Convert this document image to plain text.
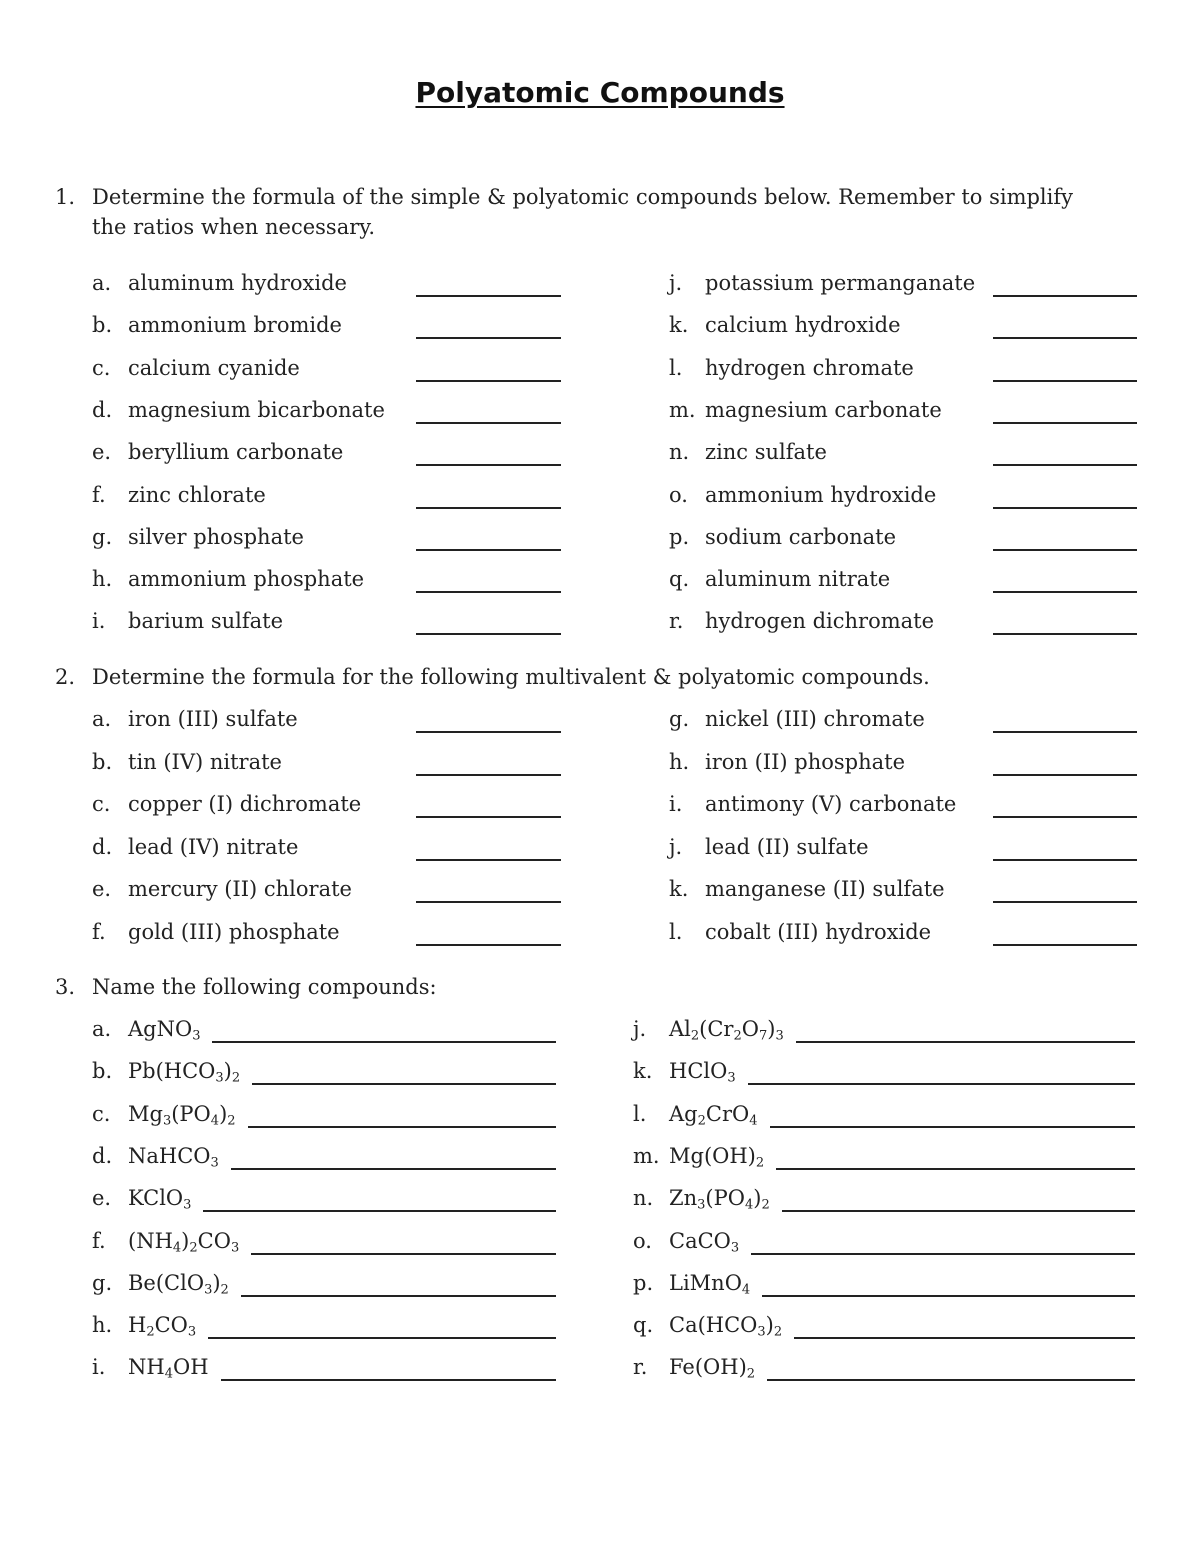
Polyatomic Compounds
1. Determine the formula of the simple & polyatomic compounds below. Remember to simplify the ratios when necessary.
a. aluminum hydroxide
b. ammonium bromide
c. calcium cyanide
d. magnesium bicarbonate
e. beryllium carbonate
f. zinc chlorate
g. silver phosphate
h. ammonium phosphate
i. barium sulfate
j. potassium permanganate
k. calcium hydroxide
l. hydrogen chromate
m. magnesium carbonate
n. zinc sulfate
o. ammonium hydroxide
p. sodium carbonate
q. aluminum nitrate
r. hydrogen dichromate
2. Determine the formula for the following multivalent & polyatomic compounds.
a. iron (III) sulfate
b. tin (IV) nitrate
c. copper (I) dichromate
d. lead (IV) nitrate
e. mercury (II) chlorate
f. gold (III) phosphate
g. nickel (III) chromate
h. iron (II) phosphate
i. antimony (V) carbonate
j. lead (II) sulfate
k. manganese (II) sulfate
l. cobalt (III) hydroxide
3. Name the following compounds:
a. AgNO$_3$
b. $Pb(HCO_3)_2$
c. $Mg_3(PO_4)_2$
d. NaHCO$_3$
e. KClO$_3$
f. $(NH_4)_2CO_3$
g. $Be(ClO_3)_2$
h. $H_2CO_3$
i. $NH_4OH$
j. $Al_2(Cr_2O_7)_3$
k. HClO$_3$
l. $Ag_2CrO_4$
m. $Mg(OH)_2$
n. $Zn_3(PO_4)_2$
o. CaCO$_3$
p. LiMnO$_4$
q. $Ca(HCO_3)_2$
r. $Fe(OH)_2$
